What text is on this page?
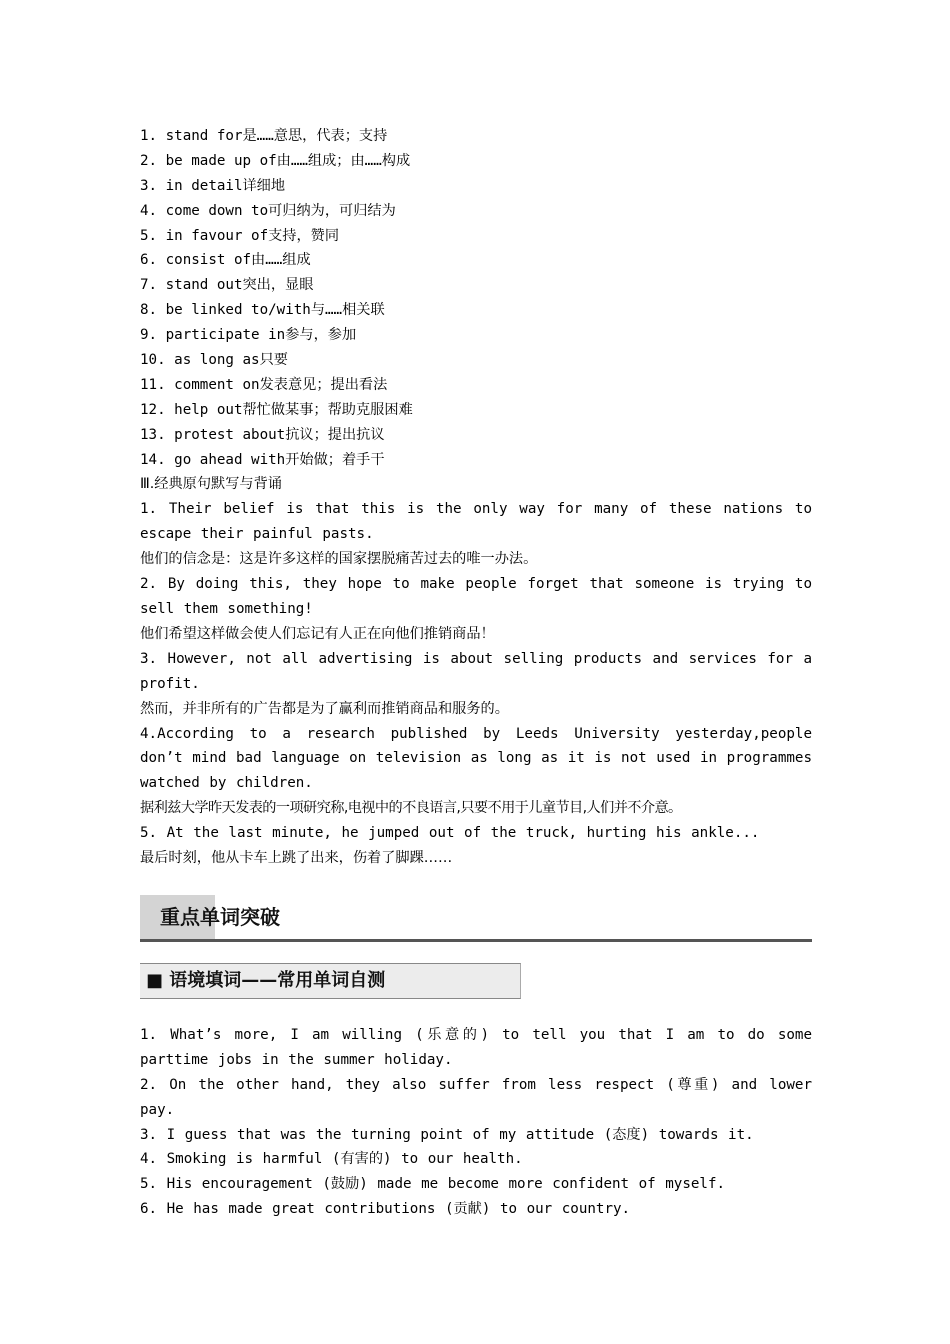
1. stand for是……意思，代表；支持
2. be made up of由……组成；由……构成
3. in detail详细地
4. come down to可归纳为，可归结为
5. in favour of支持，赞同
6. consist of由……组成
7. stand out突出，显眼
8. be linked to/with与……相关联
9. participate in参与，参加
10. as long as只要
11. comment on发表意见；提出看法
12. help out帮忙做某事；帮助克服困难
13. protest about抗议；提出抗议
14. go ahead with开始做；着手干
Ⅲ.经典原句默写与背诵
1. Their belief is that this is the only way for many of these nations to escape their painful pasts.
他们的信念是：这是许多这样的国家摆脱痛苦过去的唯一办法。
2. By doing this, they hope to make people forget that someone is trying to sell them something!
他们希望这样做会使人们忘记有人正在向他们推销商品！
3. However, not all advertising is about selling products and services for a profit.
然而，并非所有的广告都是为了赢利而推销商品和服务的。
4.According to a research published by Leeds University yesterday,people don’t mind bad language on television as long as it is not used in programmes watched by children.
据利兹大学昨天发表的一项研究称,电视中的不良语言,只要不用于儿童节目,人们并不介意。
5. At the last minute, he jumped out of the truck, hurting his ankle...
最后时刻，他从卡车上跳了出来，伤着了脚踝……
重点单词突破
■ 语境填词——常用单词自测
1. What’s more, I am willing (乐意的) to tell you that I am to do some parttime jobs in the summer holiday.
2. On the other hand, they also suffer from less respect (尊重) and lower pay.
3. I guess that was the turning point of my attitude (态度) towards it.
4. Smoking is harmful (有害的) to our health.
5. His encouragement (鼓励) made me become more confident of myself.
6. He has made great contributions (贡献) to our country.
